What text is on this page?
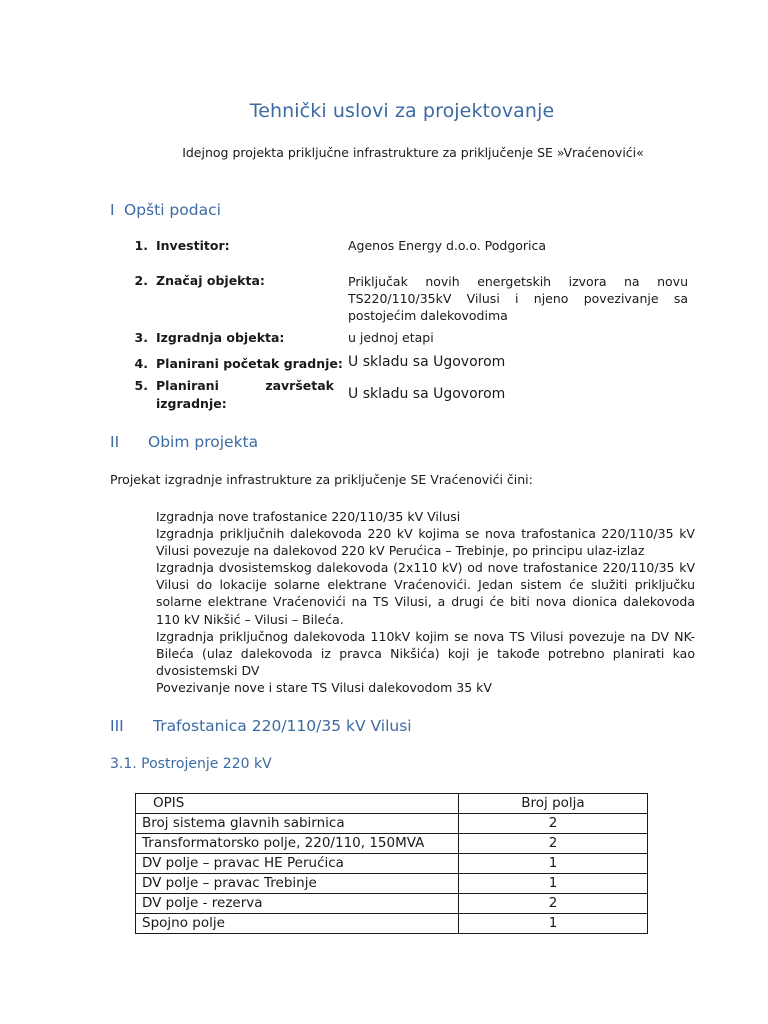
Tehnički uslovi za projektovanje
Idejnog projekta priključne infrastrukture za priključenje SE »Vraćenovići«
I Opšti podaci
1. Investitor:	Agenos Energy d.o.o. Podgorica
2. Značaj objekta:	Priključak novih energetskih izvora na novu TS220/110/35kV Vilusi i njeno povezivanje sa postojećim dalekovodima
3. Izgradnja objekta:	u jednoj etapi
4. Planirani početak gradnje: U skladu sa Ugovorom
5. Planirani završetak izgradnje:
U skladu sa Ugovorom
II Obim projekta
Projekat izgradnje infrastrukture za priključenje SE Vraćenovići čini:
Izgradnja nove trafostanice 220/110/35 kV Vilusi
Izgradnja priključnih dalekovoda 220 kV kojima se nova trafostanica 220/110/35 kV Vilusi povezuje na dalekovod 220 kV Perućica – Trebinje, po principu ulaz-izlaz
Izgradnja dvosistemskog dalekovoda (2x110 kV) od nove trafostanice 220/110/35 kV Vilusi do lokacije solarne elektrane Vraćenovići. Jedan sistem će služiti priključku solarne elektrane Vraćenovići na TS Vilusi, a drugi će biti nova dionica dalekovoda 110 kV Nikšić – Vilusi – Bileća.
Izgradnja priključnog dalekovoda 110kV kojim se nova TS Vilusi povezuje na DV NK-Bileća (ulaz dalekovoda iz pravca Nikšića) koji je takođe potrebno planirati kao dvosistemski DV
Povezivanje nove i stare TS Vilusi dalekovodom 35 kV
III Trafostanica 220/110/35 kV Vilusi
3.1. Postrojenje 220 kV
OPIS	Broj polja
Broj sistema glavnih sabirnica	2
Transformatorsko polje, 220/110, 150MVA	2
DV polje – pravac HE Perućica	1
DV polje – pravac Trebinje	1
DV polje - rezerva	2
Spojno polje	1
